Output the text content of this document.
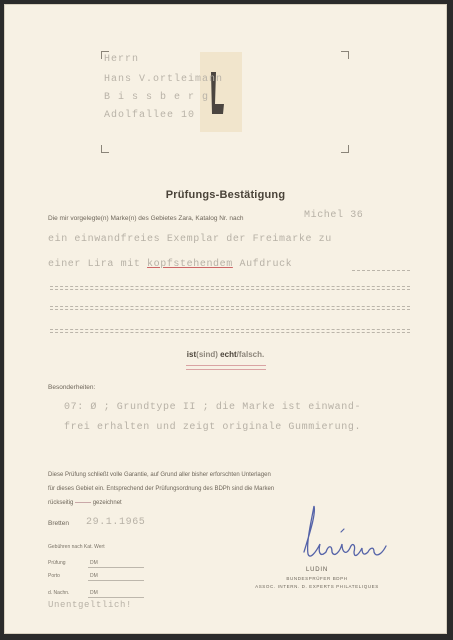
Herrn
Hans V.ortleimann
B i s s b e r g
Adolfallee 10
Prüfungs-Bestätigung
Die mir vorgelegte(n) Marke(n) des Gebietes Zara, Katalog Nr. nach	Michel 36
ein einwandfreies Exemplar der Freimarke zu
einer Lira mit kopfstehendem Aufdruck
ist(sind) echt/falsch.
Besonderheiten:
07: Ø ; Grundtype II ; die Marke ist einwand-
frei erhalten und zeigt originale Gummierung.
Diese Prüfung schließt volle Garantie, auf Grund aller bisher erforschten Unterlagen
für dieses Gebiet ein. Entsprechend der Prüfungsordnung des BDPh sind die Marken
rückseitig	gezeichnet
Bretten 29.1.1965
Gebühren nach Kat. Wert
Prüfung	DM
Porto	DM
d. Nachn.	DM
Unentgeltlich!
LUDIN
BUNDESPRÜFER BDPH
ASSOC. INTERN. D. EXPERTS PHILATELIQUES
